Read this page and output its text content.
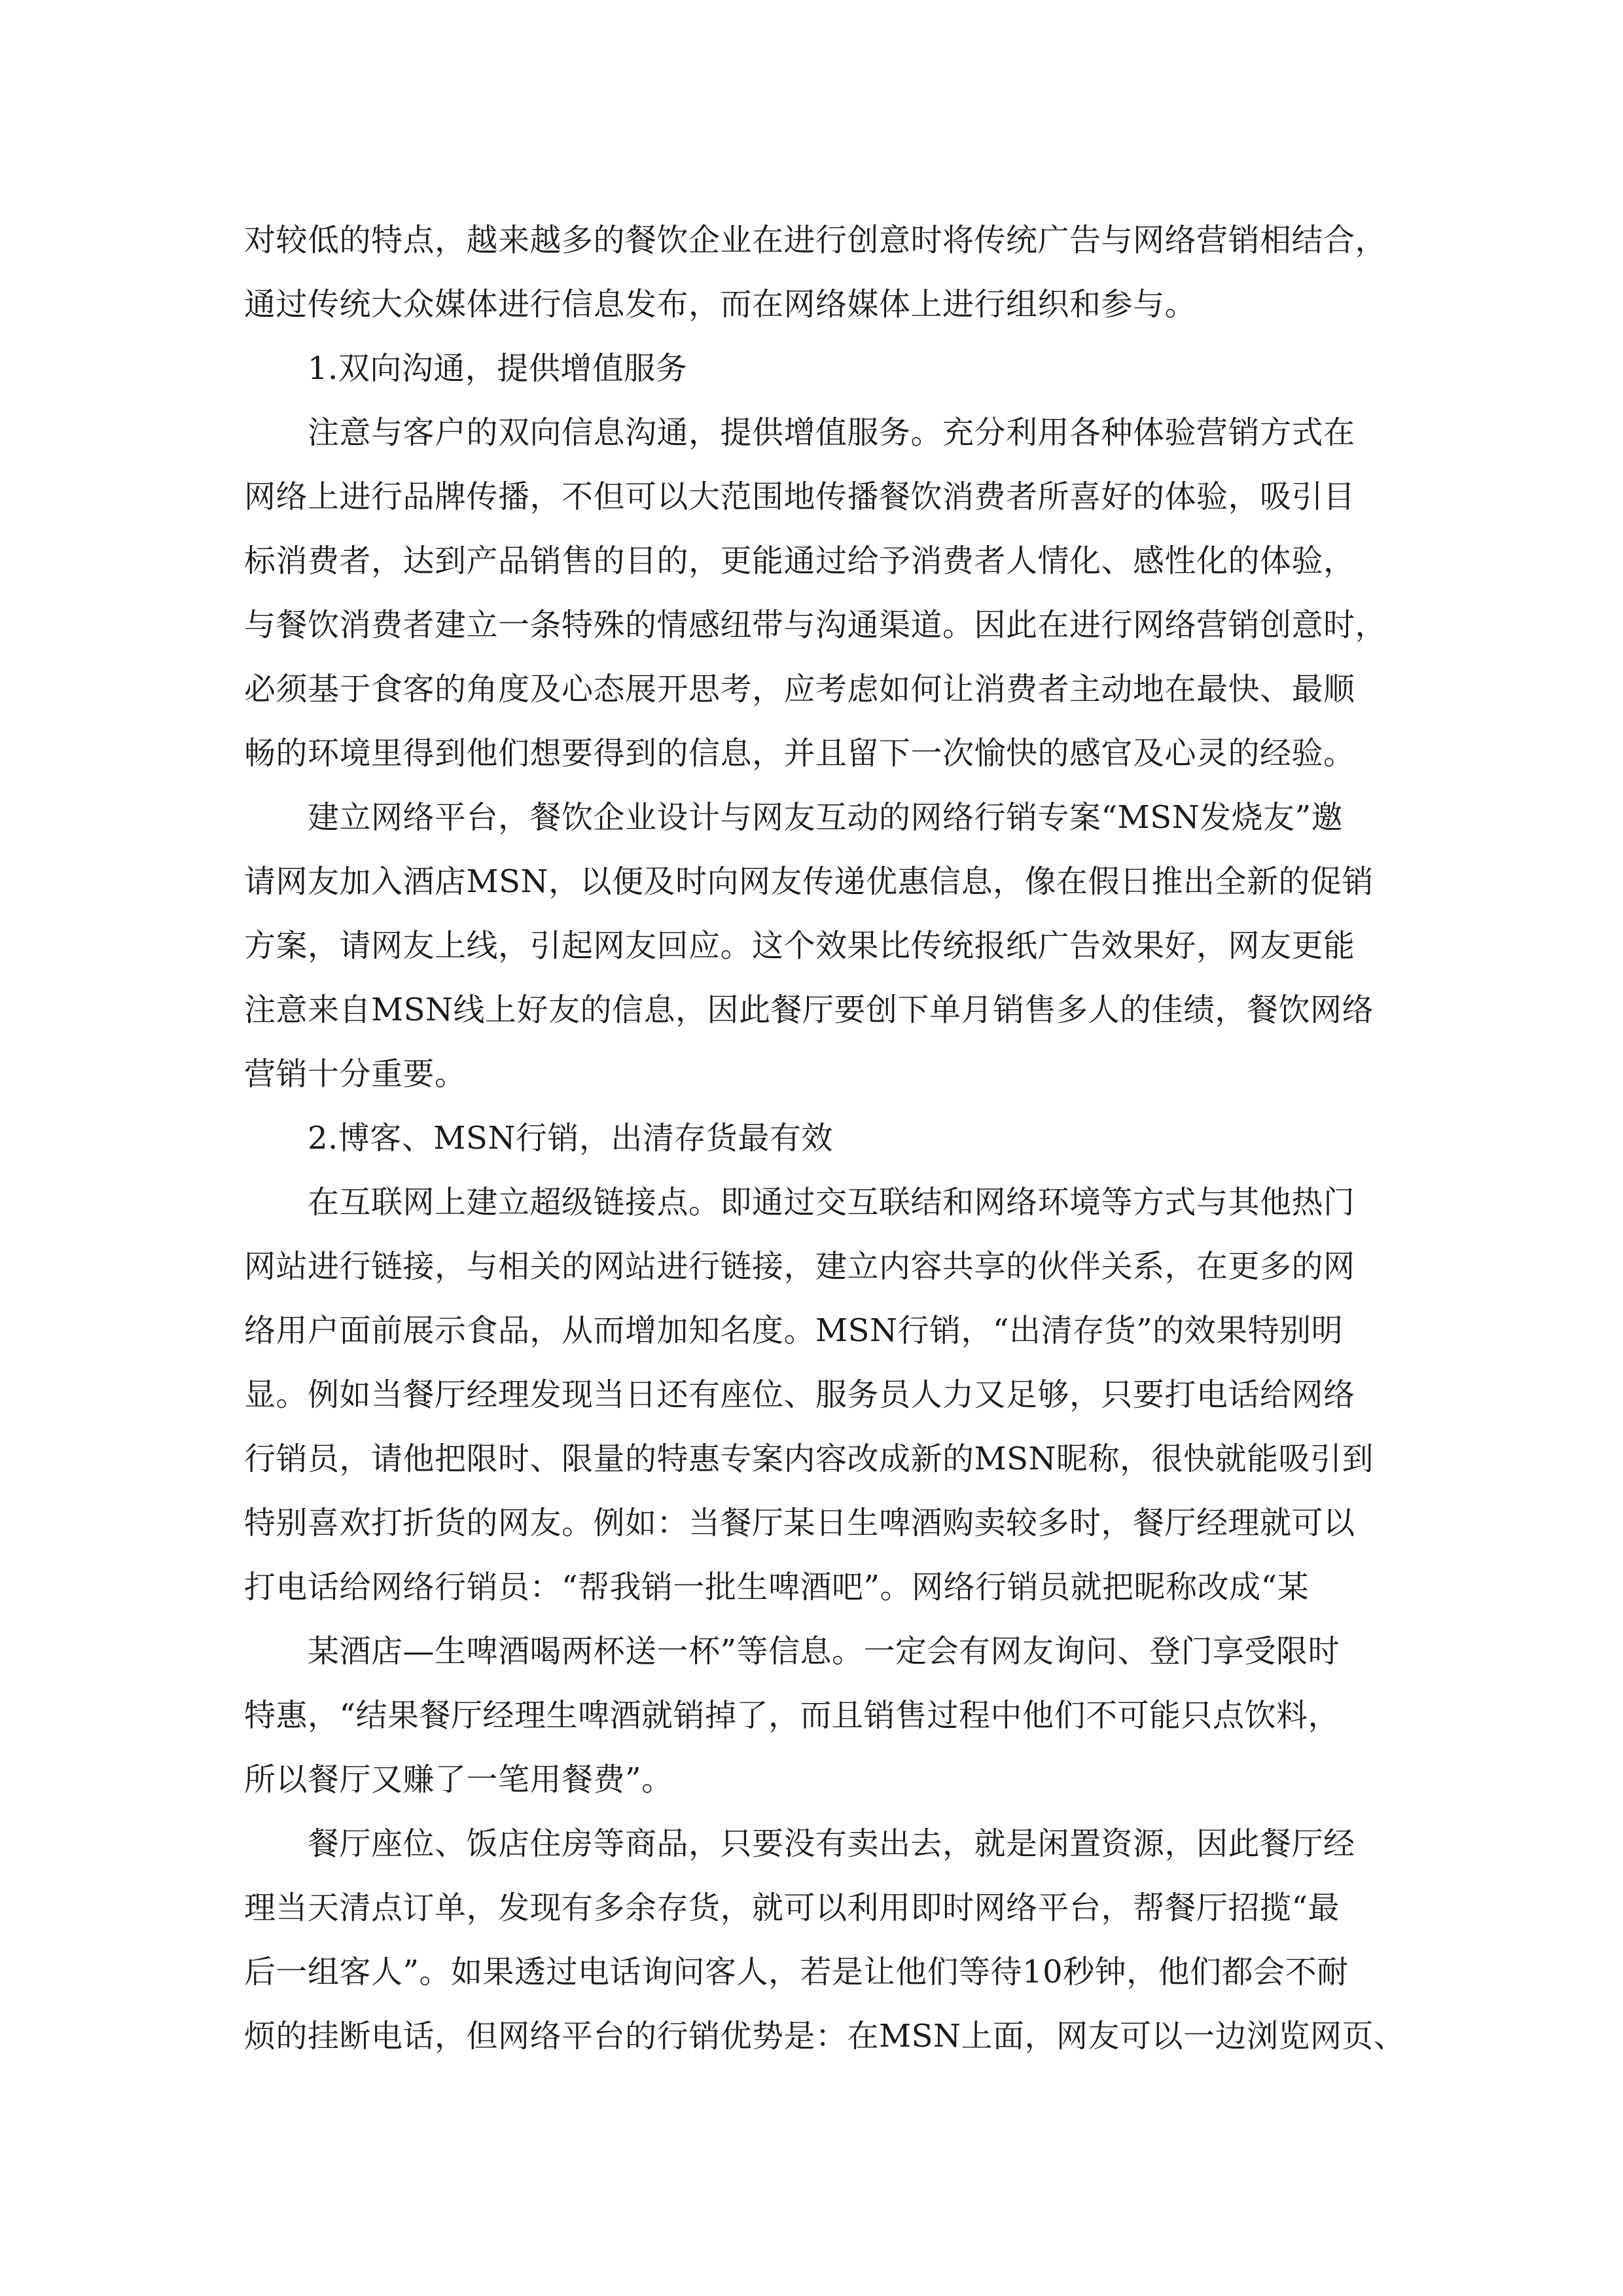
对较低的特点，越来越多的餐饮企业在进行创意时将传统广告与网络营销相结合，
通过传统大众媒体进行信息发布，而在网络媒体上进行组织和参与。
1.双向沟通，提供增值服务
注意与客户的双向信息沟通，提供增值服务。充分利用各种体验营销方式在
网络上进行品牌传播，不但可以大范围地传播餐饮消费者所喜好的体验，吸引目
标消费者，达到产品销售的目的，更能通过给予消费者人情化、感性化的体验，
与餐饮消费者建立一条特殊的情感纽带与沟通渠道。因此在进行网络营销创意时，
必须基于食客的角度及心态展开思考，应考虑如何让消费者主动地在最快、最顺
畅的环境里得到他们想要得到的信息，并且留下一次愉快的感官及心灵的经验。
建立网络平台，餐饮企业设计与网友互动的网络行销专案“MSN发烧友”邀
请网友加入酒店MSN，以便及时向网友传递优惠信息，像在假日推出全新的促销
方案，请网友上线，引起网友回应。这个效果比传统报纸广告效果好，网友更能
注意来自MSN线上好友的信息，因此餐厅要创下单月销售多人的佳绩，餐饮网络
营销十分重要。
2.博客、MSN行销，出清存货最有效
在互联网上建立超级链接点。即通过交互联结和网络环境等方式与其他热门
网站进行链接，与相关的网站进行链接，建立内容共享的伙伴关系，在更多的网
络用户面前展示食品，从而增加知名度。MSN行销，“出清存货”的效果特别明
显。例如当餐厅经理发现当日还有座位、服务员人力又足够，只要打电话给网络
行销员，请他把限时、限量的特惠专案内容改成新的MSN昵称，很快就能吸引到
特别喜欢打折货的网友。例如：当餐厅某日生啤酒购卖较多时，餐厅经理就可以
打电话给网络行销员：“帮我销一批生啤酒吧”。网络行销员就把昵称改成“某
某酒店—生啤酒喝两杯送一杯”等信息。一定会有网友询问、登门享受限时
特惠，“结果餐厅经理生啤酒就销掉了，而且销售过程中他们不可能只点饮料，
所以餐厅又赚了一笔用餐费”。
餐厅座位、饭店住房等商品，只要没有卖出去，就是闲置资源，因此餐厅经
理当天清点订单，发现有多余存货，就可以利用即时网络平台，帮餐厅招揽“最
后一组客人”。如果透过电话询问客人，若是让他们等待10秒钟，他们都会不耐
烦的挂断电话，但网络平台的行销优势是：在MSN上面，网友可以一边浏览网页、
